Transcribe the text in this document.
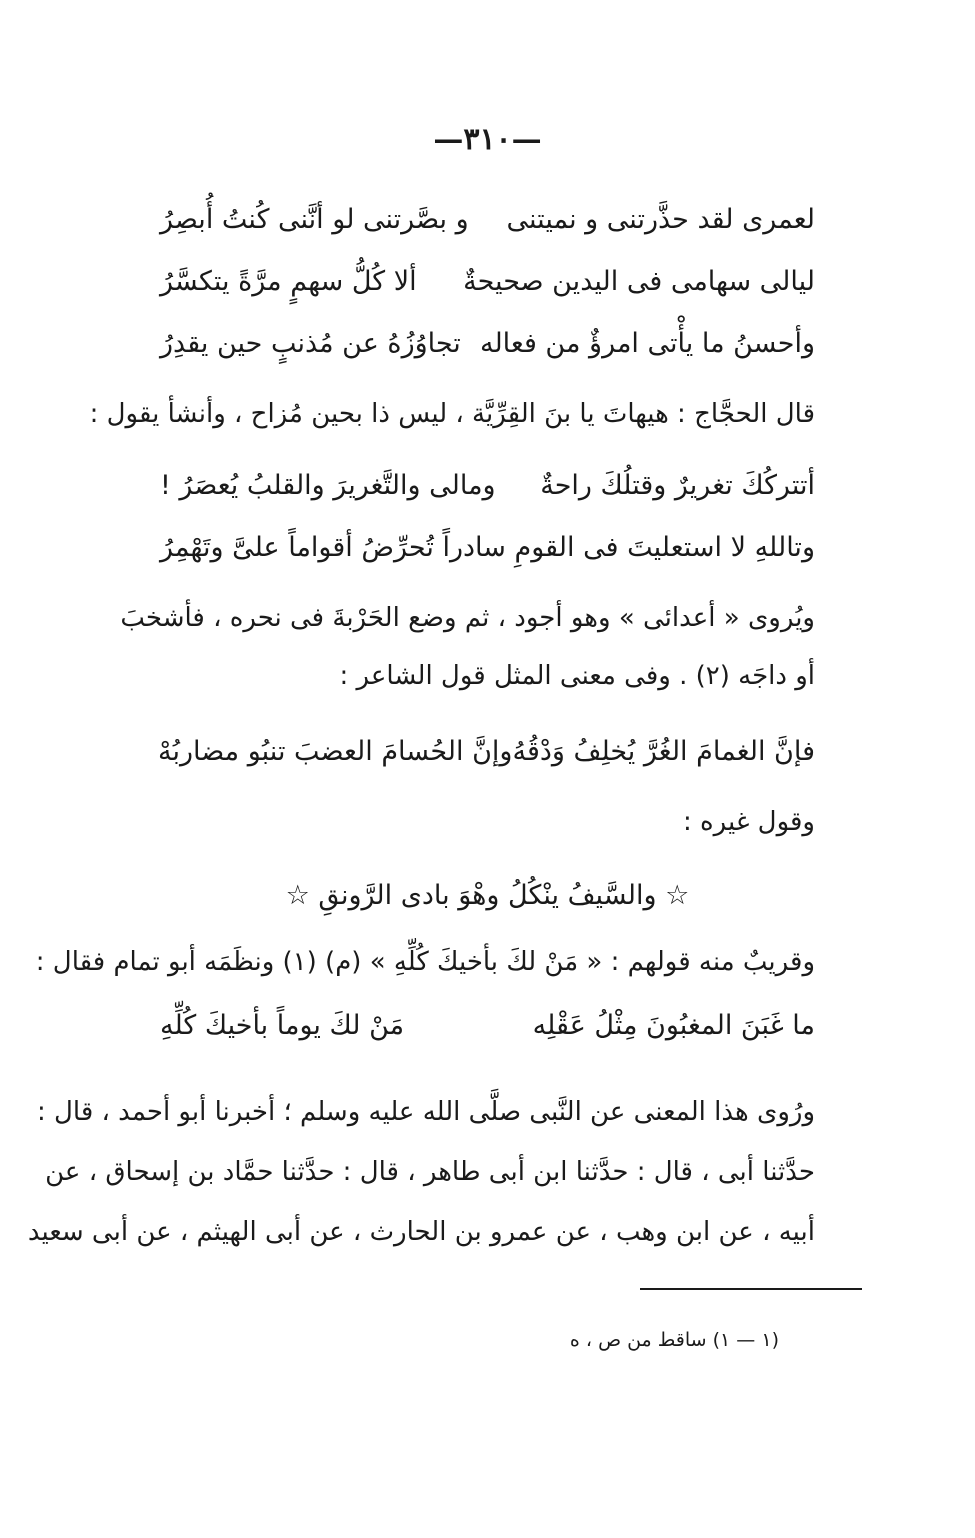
—٣١٠—
لعمرى لقد حذَّرتنى و نميتنى
و بصَّرتنى لو أنَّنى كُنتُ أُبصِرُ
ليالى سهامى فى اليدين صحيحةٌ
ألا كُلُّ سهمٍ مرَّةً يتكسَّرُ
وأحسنُ ما يأْتى امرؤٌ من فعاله
تجاوُزُهُ عن مُذنبٍ حين يقدِرُ
قال الحجَّاج : هيهاتَ يا بنَ القِرِّيَّة ، ليس ذا بحين مُزاح ، وأنشأ يقول :
أتتركُكَ تغريرٌ وقتلُكَ راحةٌ
ومالى والتَّغريرَ والقلبُ يُعصَرُ !
وتاللهِ لا استعليتَ فى القومِ سادراً
تُحرِّضُ أقواماً علىَّ وتَهْمِرُ
ويُروى « أعدائى » وهو أجود ، ثم وضع الحَرْبةَ فى نحره ، فأشخبَ
أو داجَه (٢) . وفى معنى المثل قول الشاعر :
فإنَّ الغمامَ الغُرَّ يُخلِفُ وَدْقُهُ
وإنَّ الحُسامَ العضبَ تنبُو مضاربُهْ
وقول غيره :
☆ والسَّيفُ ينْكُلُ وهْوَ بادى الرَّونقِ ☆
وقريبٌ منه قولهم : « مَنْ لكَ بأخيكَ كُلِّهِ » (م) (١) ونظَمَه أبو تمام فقال :
ما غَبَنَ المغبُونَ مِثْلُ عَقْلِه
مَنْ لكَ يوماً بأخيكَ كُلِّهِ
ورُوى هذا المعنى عن النَّبى صلَّى الله عليه وسلم ؛ أخبرنا أبو أحمد ، قال :
حدَّثنا أبى ، قال : حدَّثنا ابن أبى طاهر ، قال : حدَّثنا حمَّاد بن إسحاق ، عن
أبيه ، عن ابن وهب ، عن عمرو بن الحارث ، عن أبى الهيثم ، عن أبى سعيد
(١ — ١) ساقط من ص ، ه
